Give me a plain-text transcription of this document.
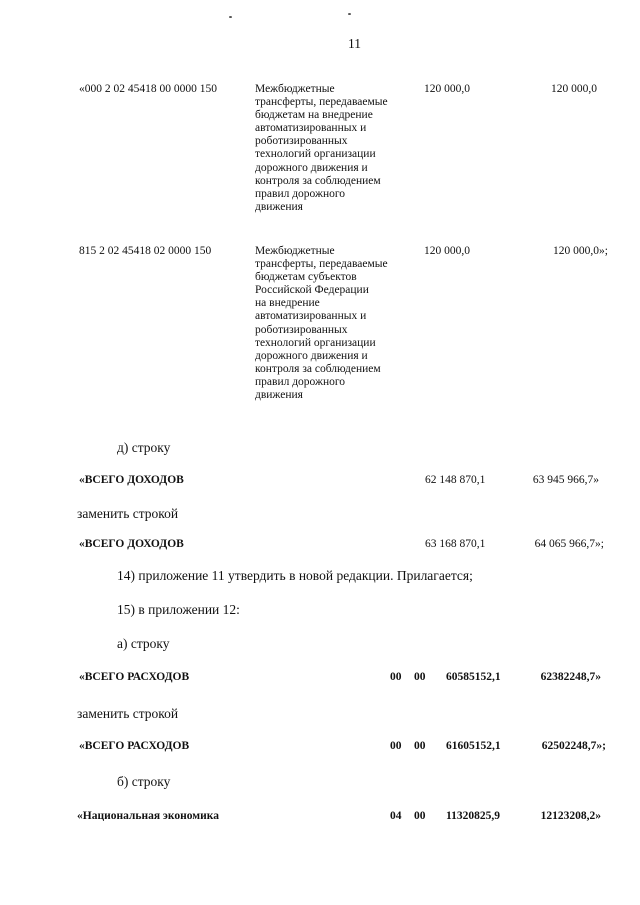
11
«000 2 02 45418 00 0000 150	Межбюджетные
трансферты, передаваемые
бюджетам на внедрение
автоматизированных и
роботизированных
технологий организации
дорожного движения и
контроля за соблюдением
правил дорожного
движения
120 000,0	120 000,0
815 2 02 45418 02 0000 150	Межбюджетные
трансферты, передаваемые
бюджетам субъектов
Российской Федерации
на внедрение
автоматизированных и
роботизированных
технологий организации
дорожного движения и
контроля за соблюдением
правил дорожного
движения
120 000,0	120 000,0»;
д) строку
«ВСЕГО ДОХОДОВ	62 148 870,1	63 945 966,7»
заменить строкой
«ВСЕГО ДОХОДОВ	63 168 870,1	64 065 966,7»;
14) приложение 11 утвердить в новой редакции. Прилагается;
15) в приложении 12:
а) строку
«ВСЕГО РАСХОДОВ	00 00 60585152,1	62382248,7»
заменить строкой
«ВСЕГО РАСХОДОВ	00 00 61605152,1	62502248,7»;
б) строку
«Национальная экономика	04 00 11320825,9	12123208,2»
